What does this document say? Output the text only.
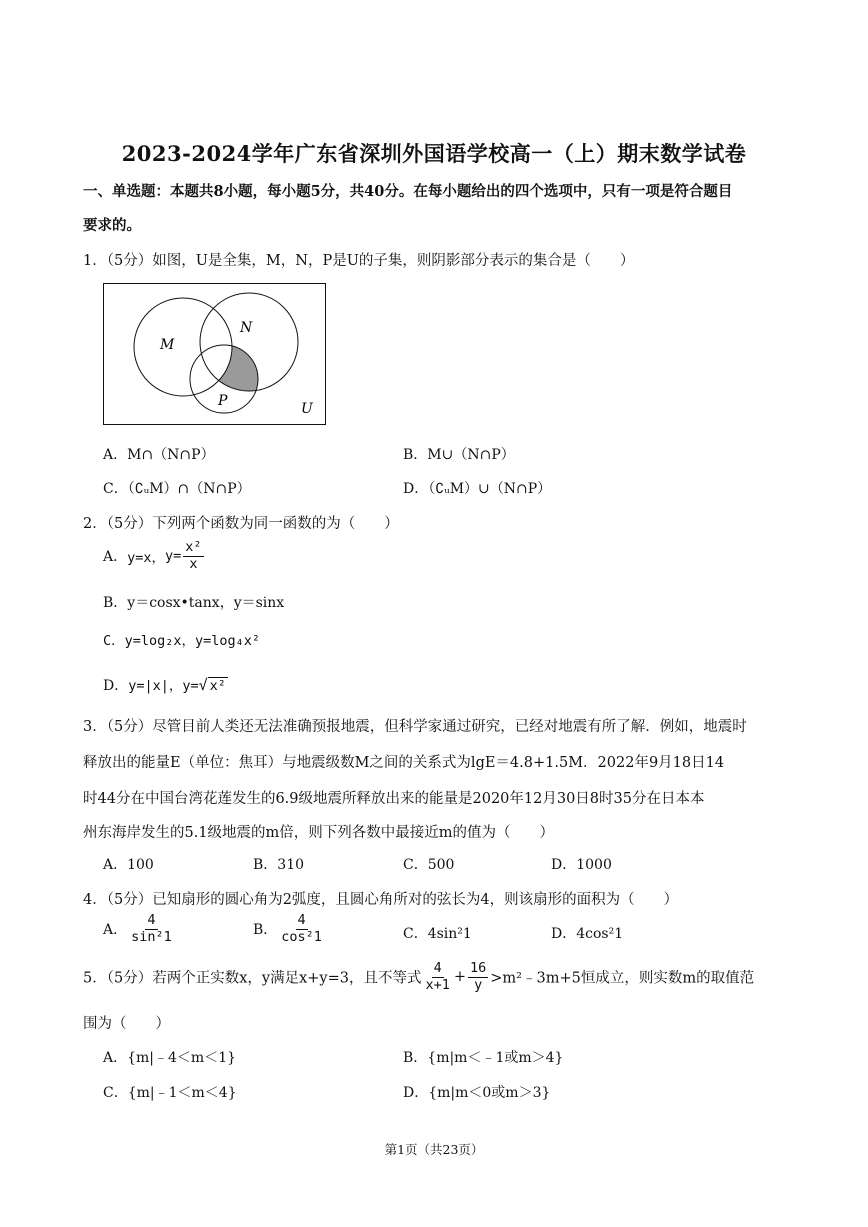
2023-2024学年广东省深圳外国语学校高一（上）期末数学试卷
一、单选题：本题共8小题，每小题5分，共40分。在每小题给出的四个选项中，只有一项是符合题目
要求的。
1．（5分）如图，U是全集，M，N，P是U的子集，则阴影部分表示的集合是（　　）
M
N
P	U
A．M∩（N∩P）	B．M∪（N∩P）
C．（∁ᵤM）∩（N∩P）	D．（∁ᵤM）∪（N∩P）
2．（5分）下列两个函数为同一函数的为（　　）
A．y=x，$y= \frac{\text{x²}}{x}$
B．y＝cosx•tanx，y＝sinx
C．y=log₂x，y=log₄x²
D．y=|x|，y=√ x²
3．（5分）尽管目前人类还无法准确预报地震，但科学家通过研究，已经对地震有所了解．例如，地震时
释放出的能量E（单位：焦耳）与地震级数M之间的关系式为lgE＝4.8+1.5M．2022年9月18日14
时44分在中国台湾花莲发生的6.9级地震所释放出来的能量是2020年12月30日8时35分在日本本
州东海岸发生的5.1级地震的m倍，则下列各数中最接近m的值为（　　）
A．100	B．310	C．500	D．1000
4．（5分）已知扇形的圆心角为2弧度，且圆心角所对的弦长为4，则该扇形的面积为（　　）
A． $\frac{4}{\text{sin²1}}$	B． $\frac{4}{\text{cos²1}}$	C．4sin²1	D．4cos²1
5．（5分）若两个正实数x，y满足x+y=3，且不等式 $\frac{4}{x+1} + \frac{16}{y}$ >m²﹣3m+5恒成立，则实数m的取值范
围为（　　）
A．{m|﹣4＜m＜1}	B．{m|m＜﹣1或m＞4}
C．{m|﹣1＜m＜4}	D．{m|m＜0或m＞3}
第1页（共23页）
